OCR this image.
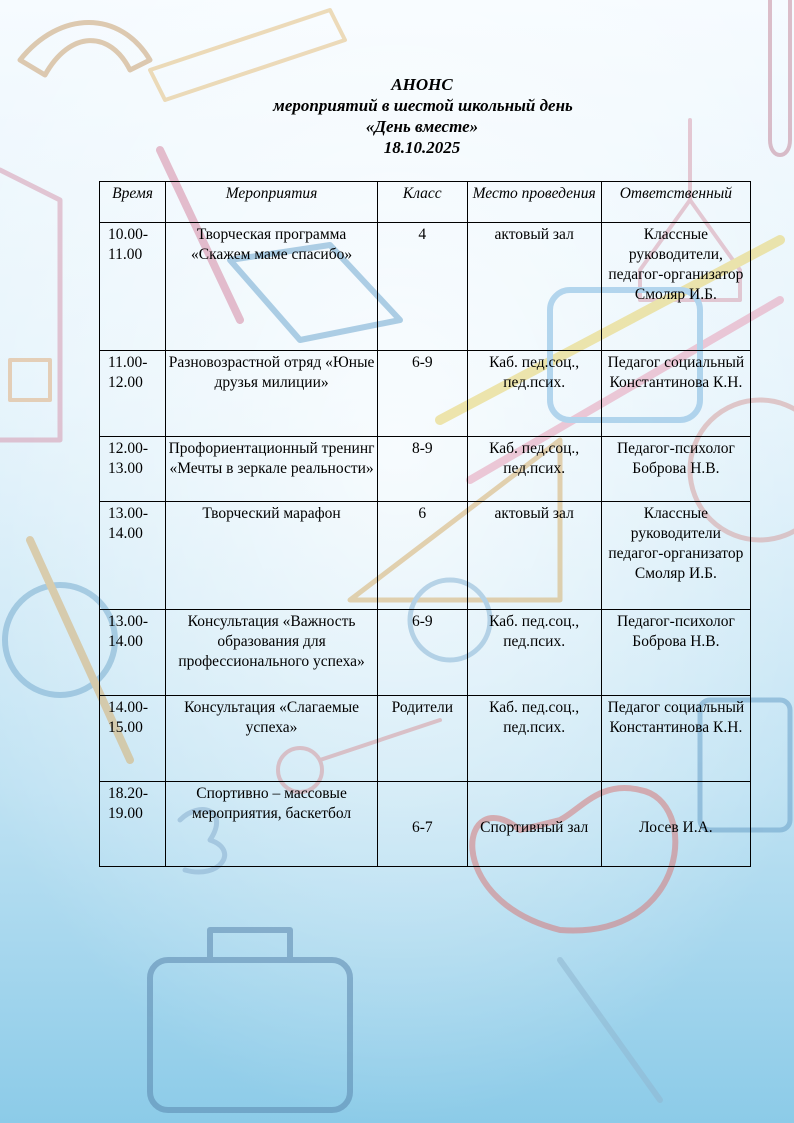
АНОНС
мероприятий в шестой школьный день
«День вместе»
18.10.2025
Время	Мероприятия	Класс	Место проведения	Ответственный
10.00-11.00	Творческая программа «Скажем маме спасибо»	4	актовый зал	Классные руководители, педагог-организатор Смоляр И.Б.
11.00-12.00	Разновозрастной отряд «Юные друзья милиции»	6-9	Каб. пед.соц., пед.псих.	Педагог социальный Константинова К.Н.
12.00-13.00	Профориентационный тренинг «Мечты в зеркале реальности»	8-9	Каб. пед.соц., пед.псих.	Педагог-психолог Боброва Н.В.
13.00-14.00	Творческий марафон	6	актовый зал	Классные руководители педагог-организатор Смоляр И.Б.
13.00-14.00	Консультация «Важность образования для профессионального успеха»	6-9	Каб. пед.соц., пед.псих.	Педагог-психолог Боброва Н.В.
14.00-15.00	Консультация «Слагаемые успеха»	Родители	Каб. пед.соц., пед.псих.	Педагог социальный Константинова К.Н.
18.20-19.00	Спортивно – массовые мероприятия, баскетбол	6-7	Спортивный зал	Лосев И.А.
